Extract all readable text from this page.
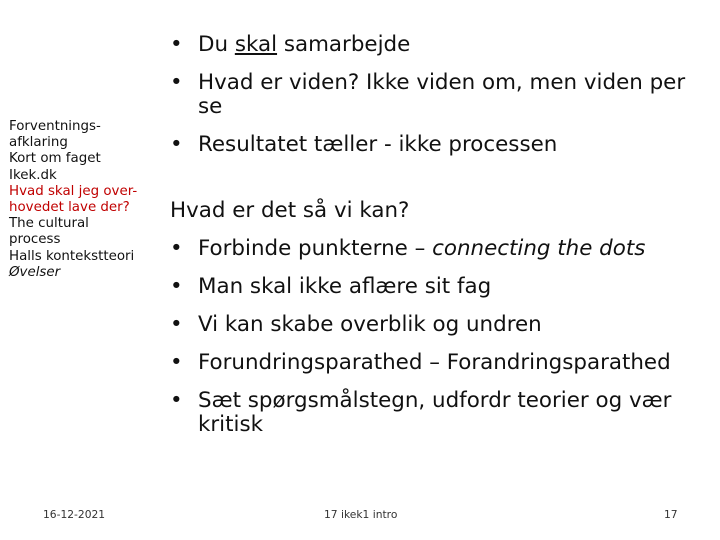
Forventnings-
afklaring
Kort om faget
Ikek.dk
Hvad skal jeg over-
hovedet lave der?
The cultural
process
Halls kontekstteori
Øvelser
• Du skal samarbejde
• Hvad er viden? Ikke viden om, men viden per
se
• Resultatet tæller - ikke processen
Hvad er det så vi kan?
• Forbinde punkterne – connecting the dots
• Man skal ikke aflære sit fag
• Vi kan skabe overblik og undren
• Forundringsparathed – Forandringsparathed
• Sæt spørgsmålstegn, udfordr teorier og vær
kritisk
16-12-2021	17 ikek1 intro	17
